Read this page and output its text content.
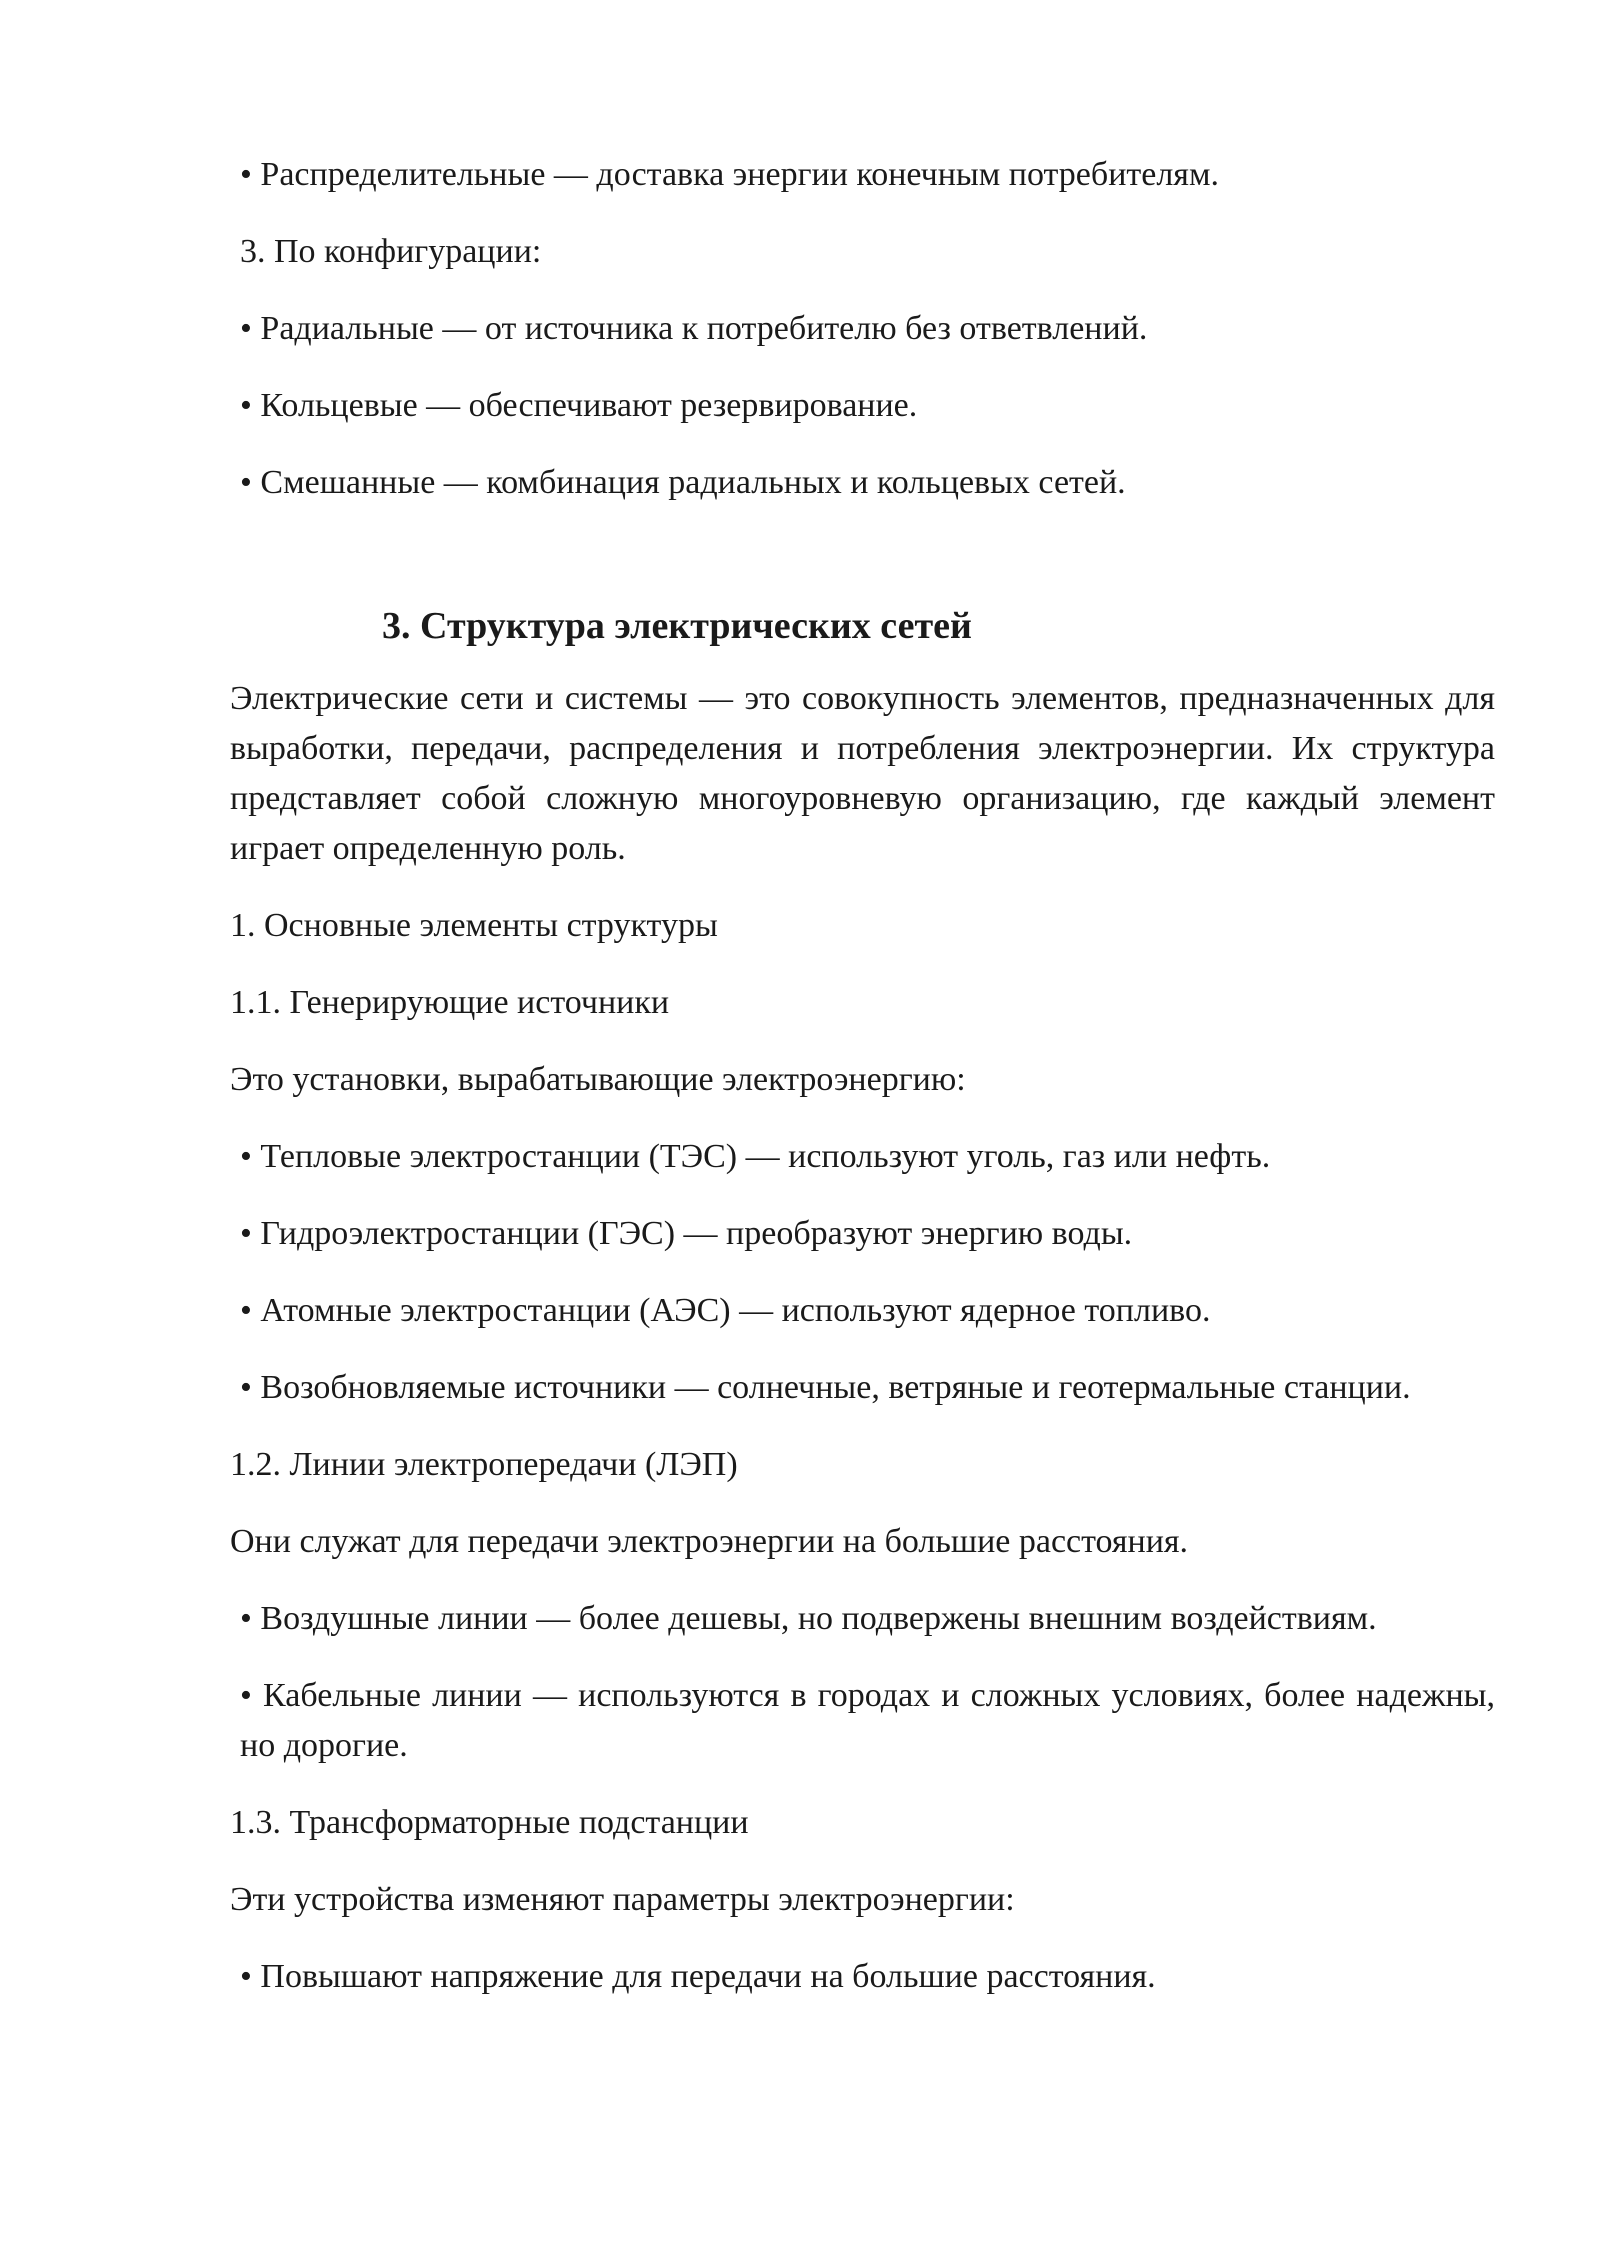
• Распределительные — доставка энергии конечным потребителям.

3. По конфигурации:

• Радиальные — от источника к потребителю без ответвлений.

• Кольцевые — обеспечивают резервирование.

• Смешанные — комбинация радиальных и кольцевых сетей.

3. Структура электрических сетей

Электрические сети и системы — это совокупность элементов, предназначенных для выработки, передачи, распределения и потребления электроэнергии. Их структура представляет собой сложную многоуровневую организацию, где каждый элемент играет определенную роль.

1. Основные элементы структуры

1.1. Генерирующие источники

Это установки, вырабатывающие электроэнергию:

• Тепловые электростанции (ТЭС) — используют уголь, газ или нефть.

• Гидроэлектростанции (ГЭС) — преобразуют энергию воды.

• Атомные электростанции (АЭС) — используют ядерное топливо.

• Возобновляемые источники — солнечные, ветряные и геотермальные станции.

1.2. Линии электропередачи (ЛЭП)

Они служат для передачи электроэнергии на большие расстояния.

• Воздушные линии — более дешевы, но подвержены внешним воздействиям.

• Кабельные линии — используются в городах и сложных условиях, более надежны, но дорогие.

1.3. Трансформаторные подстанции

Эти устройства изменяют параметры электроэнергии:

• Повышают напряжение для передачи на большие расстояния.
